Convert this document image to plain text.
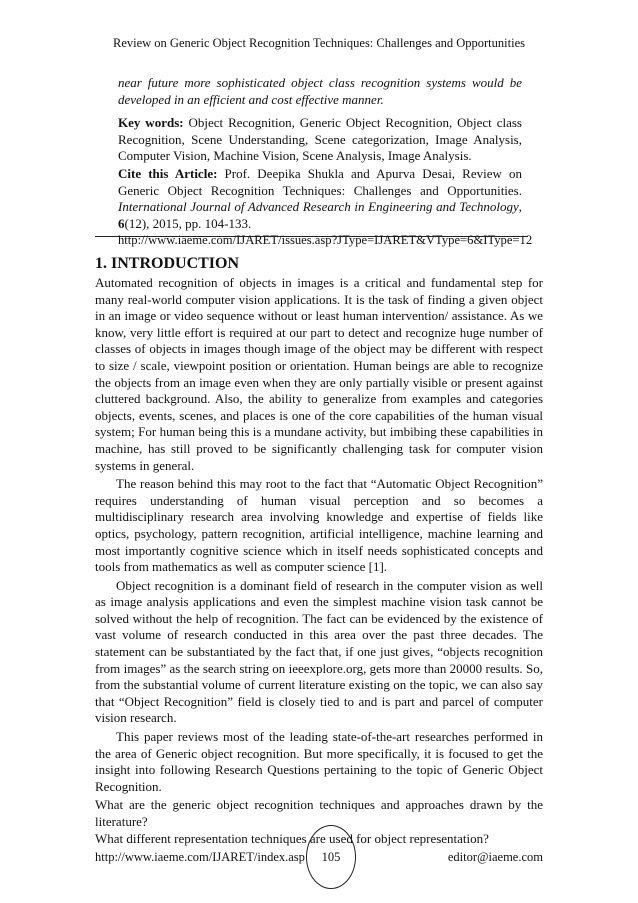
Review on Generic Object Recognition Techniques: Challenges and Opportunities

near future more sophisticated object class recognition systems would be developed in an efficient and cost effective manner.

Key words: Object Recognition, Generic Object Recognition, Object class Recognition, Scene Understanding, Scene categorization, Image Analysis, Computer Vision, Machine Vision, Scene Analysis, Image Analysis.

Cite this Article: Prof. Deepika Shukla and Apurva Desai, Review on Generic Object Recognition Techniques: Challenges and Opportunities. International Journal of Advanced Research in Engineering and Technology, 6(12), 2015, pp. 104-133.
http://www.iaeme.com/IJARET/issues.asp?JType=IJARET&VType=6&IType=12

1. INTRODUCTION

Automated recognition of objects in images is a critical and fundamental step for many real-world computer vision applications. It is the task of finding a given object in an image or video sequence without or least human intervention/ assistance. As we know, very little effort is required at our part to detect and recognize huge number of classes of objects in images though image of the object may be different with respect to size / scale, viewpoint position or orientation. Human beings are able to recognize the objects from an image even when they are only partially visible or present against cluttered background. Also, the ability to generalize from examples and categories objects, events, scenes, and places is one of the core capabilities of the human visual system; For human being this is a mundane activity, but imbibing these capabilities in machine, has still proved to be significantly challenging task for computer vision systems in general.

The reason behind this may root to the fact that “Automatic Object Recognition” requires understanding of human visual perception and so becomes a multidisciplinary research area involving knowledge and expertise of fields like optics, psychology, pattern recognition, artificial intelligence, machine learning and most importantly cognitive science which in itself needs sophisticated concepts and tools from mathematics as well as computer science [1].

Object recognition is a dominant field of research in the computer vision as well as image analysis applications and even the simplest machine vision task cannot be solved without the help of recognition. The fact can be evidenced by the existence of vast volume of research conducted in this area over the past three decades. The statement can be substantiated by the fact that, if one just gives, “objects recognition from images” as the search string on ieeexplore.org, gets more than 20000 results. So, from the substantial volume of current literature existing on the topic, we can also say that “Object Recognition” field is closely tied to and is part and parcel of computer vision research.

This paper reviews most of the leading state-of-the-art researches performed in the area of Generic object recognition. But more specifically, it is focused to get the insight into following Research Questions pertaining to the topic of Generic Object Recognition.

What are the generic object recognition techniques and approaches drawn by the literature?

What different representation techniques are used for object representation?

http://www.iaeme.com/IJARET/index.asp 105	editor@iaeme.com
